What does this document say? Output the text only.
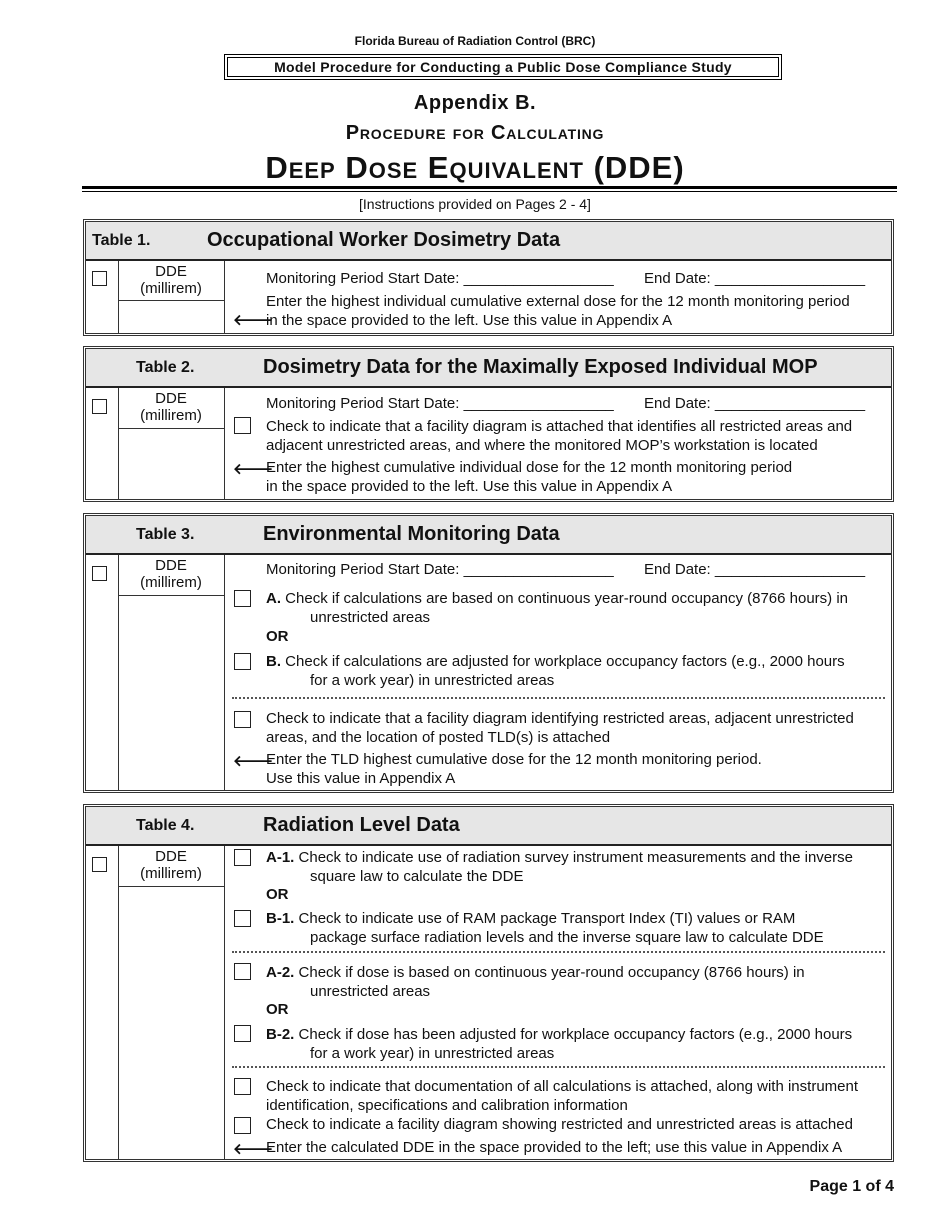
Florida Bureau of Radiation Control (BRC)
Model Procedure for Conducting a Public Dose Compliance Study
Appendix B.
Procedure for Calculating
Deep Dose Equivalent (DDE)
[Instructions provided on Pages 2 - 4]
Table 1.	Occupational Worker Dosimetry Data
DDE
(millirem)
Monitoring Period Start Date: __________________ End Date: __________________
🡐
Enter the highest individual cumulative external dose for the 12 month monitoring period
in the space provided to the left. Use this value in Appendix A
Table 2.	Dosimetry Data for the Maximally Exposed Individual MOP
DDE
(millirem)
Monitoring Period Start Date: __________________ End Date: __________________
Check to indicate that a facility diagram is attached that identifies all restricted areas and
adjacent unrestricted areas, and where the monitored MOP’s workstation is located
🡐
Enter the highest cumulative individual dose for the 12 month monitoring period
in the space provided to the left. Use this value in Appendix A
Table 3.	Environmental Monitoring Data
DDE
(millirem)
Monitoring Period Start Date: __________________ End Date: __________________
A. Check if calculations are based on continuous year-round occupancy (8766 hours) in
unrestricted areas
OR
B. Check if calculations are adjusted for workplace occupancy factors (e.g., 2000 hours
for a work year) in unrestricted areas
Check to indicate that a facility diagram identifying restricted areas, adjacent unrestricted
areas, and the location of posted TLD(s) is attached
🡐
Enter the TLD highest cumulative dose for the 12 month monitoring period.
Use this value in Appendix A
Table 4.	Radiation Level Data
DDE
(millirem)
A-1. Check to indicate use of radiation survey instrument measurements and the inverse
square law to calculate the DDE
OR
B-1. Check to indicate use of RAM package Transport Index (TI) values or RAM
package surface radiation levels and the inverse square law to calculate DDE
A-2. Check if dose is based on continuous year-round occupancy (8766 hours) in
unrestricted areas
OR
B-2. Check if dose has been adjusted for workplace occupancy factors (e.g., 2000 hours
for a work year) in unrestricted areas
Check to indicate that documentation of all calculations is attached, along with instrument
identification, specifications and calibration information
Check to indicate a facility diagram showing restricted and unrestricted areas is attached
🡐
Enter the calculated DDE in the space provided to the left; use this value in Appendix A
Page 1 of 4
